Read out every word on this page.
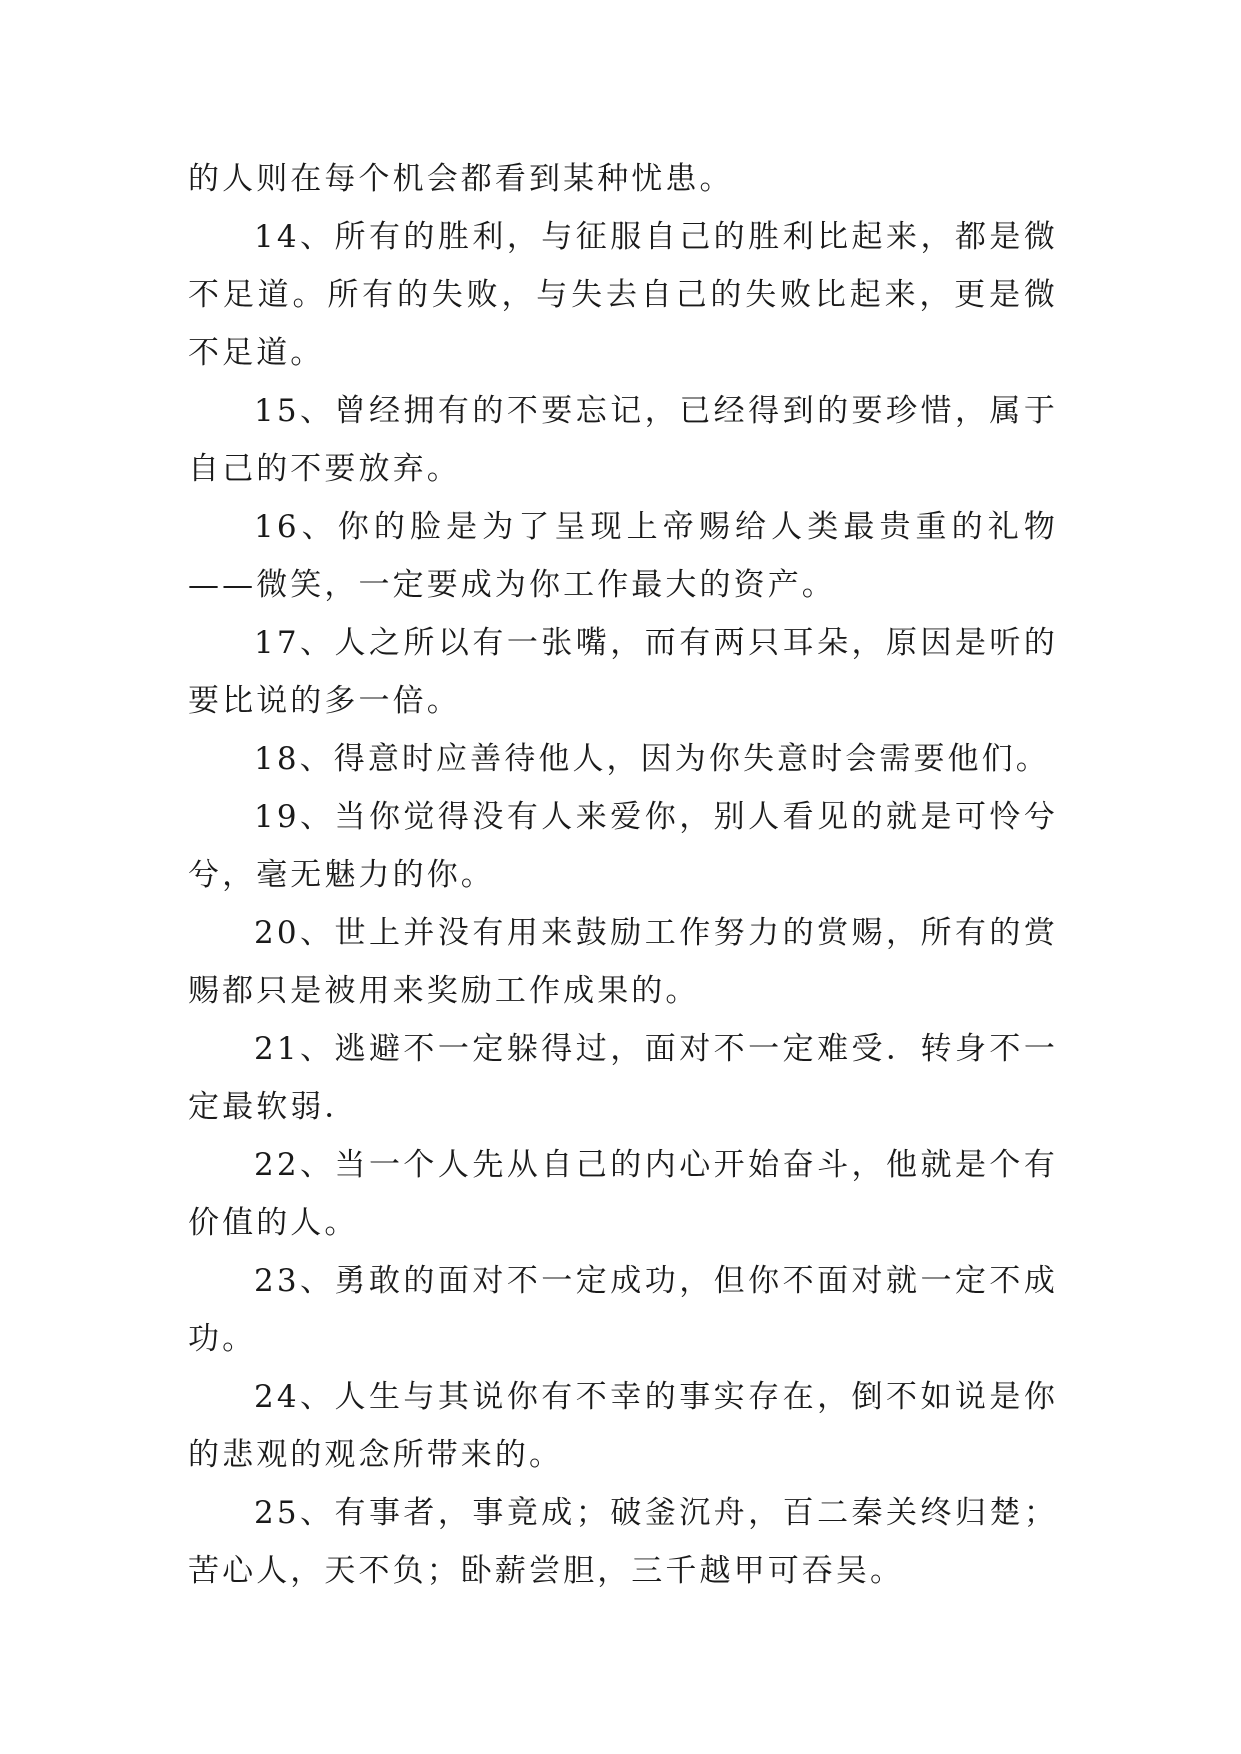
的人则在每个机会都看到某种忧患。

14、所有的胜利，与征服自己的胜利比起来，都是微不足道。所有的失败，与失去自己的失败比起来，更是微不足道。

15、曾经拥有的不要忘记，已经得到的要珍惜，属于自己的不要放弃。

16、你的脸是为了呈现上帝赐给人类最贵重的礼物——微笑，一定要成为你工作最大的资产。

17、人之所以有一张嘴，而有两只耳朵，原因是听的要比说的多一倍。

18、得意时应善待他人，因为你失意时会需要他们。

19、当你觉得没有人来爱你，别人看见的就是可怜兮兮，毫无魅力的你。

20、世上并没有用来鼓励工作努力的赏赐，所有的赏赐都只是被用来奖励工作成果的。

21、逃避不一定躲得过，面对不一定难受．转身不一定最软弱．

22、当一个人先从自己的内心开始奋斗，他就是个有价值的人。

23、勇敢的面对不一定成功，但你不面对就一定不成功。

24、人生与其说你有不幸的事实存在，倒不如说是你的悲观的观念所带来的。

25、有事者，事竟成；破釜沉舟，百二秦关终归楚；苦心人，天不负；卧薪尝胆，三千越甲可吞吴。
